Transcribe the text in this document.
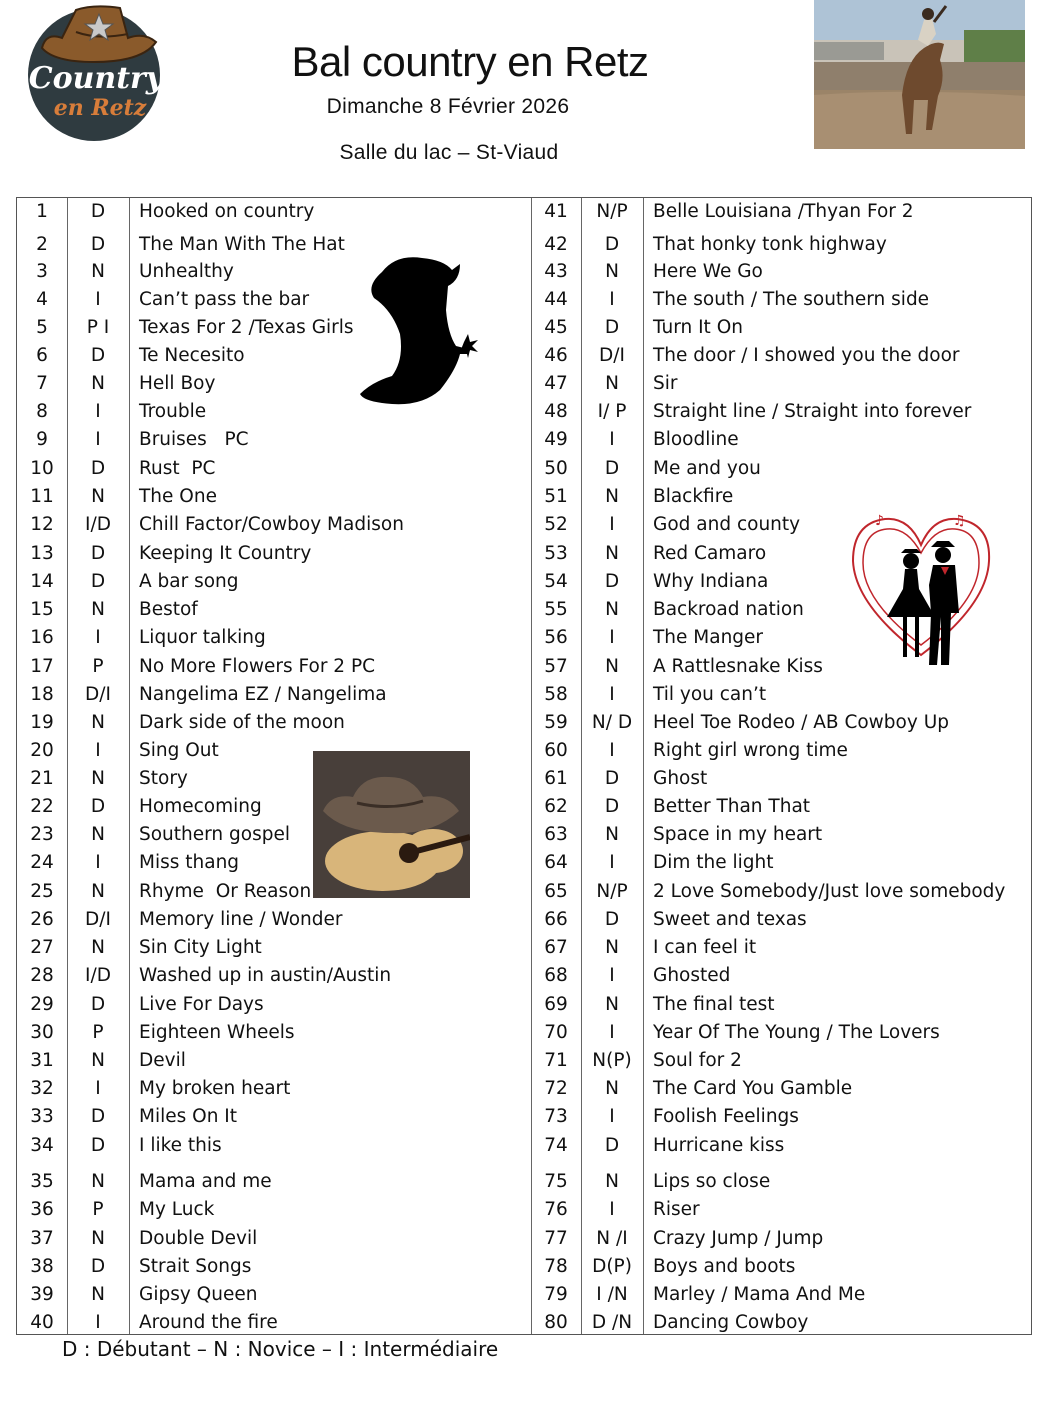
Country
en Retz
Bal country en Retz
Dimanche 8 Février 2026
Salle du lac – St-Viaud
1	D	Hooked on country
2	D	The Man With The Hat
3	N	Unhealthy
4	I	Can’t pass the bar
5	P I	Texas For 2 /Texas Girls
6	D	Te Necesito
7	N	Hell Boy
8	I	Trouble
9	I	Bruises   PC
10	D	Rust  PC
11	N	The One
12	I/D	Chill Factor/Cowboy Madison
13	D	Keeping It Country
14	D	A bar song
15	N	Bestof
16	I	Liquor talking
17	P	No More Flowers For 2 PC
18	D/I	Nangelima EZ / Nangelima
19	N	Dark side of the moon
20	I	Sing Out
21	N	Story
22	D	Homecoming
23	N	Southern gospel
24	I	Miss thang
25	N	Rhyme  Or Reason
26	D/I	Memory line / Wonder
27	N	Sin City Light
28	I/D	Washed up in austin/Austin
29	D	Live For Days
30	P	Eighteen Wheels
31	N	Devil
32	I	My broken heart
33	D	Miles On It
34	D	I like this
35	N	Mama and me
36	P	My Luck
37	N	Double Devil
38	D	Strait Songs
39	N	Gipsy Queen
40	I	Around the fire
41	N/P	Belle Louisiana /Thyan For 2
42	D	That honky tonk highway
43	N	Here We Go
44	I	The south / The southern side
45	D	Turn It On
46	D/I	The door / I showed you the door
47	N	Sir
48	I/ P	Straight line / Straight into forever
49	I	Bloodline
50	D	Me and you
51	N	Blackfire
52	I	God and county
53	N	Red Camaro
54	D	Why Indiana
55	N	Backroad nation
56	I	The Manger
57	N	A Rattlesnake Kiss
58	I	Til you can’t
59	N/ D	Heel Toe Rodeo / AB Cowboy Up
60	I	Right girl wrong time
61	D	Ghost
62	D	Better Than That
63	N	Space in my heart
64	I	Dim the light
65	N/P	2 Love Somebody/Just love somebody
66	D	Sweet and texas
67	N	I can feel it
68	I	Ghosted
69	N	The final test
70	I	Year Of The Young / The Lovers
71	N(P)	Soul for 2
72	N	The Card You Gamble
73	I	Foolish Feelings
74	D	Hurricane kiss
75	N	Lips so close
76	I	Riser
77	N /I	Crazy Jump / Jump
78	D(P)	Boys and boots
79	I /N	Marley / Mama And Me
80	D /N	Dancing Cowboy
♪	♫
D : Débutant – N : Novice – I : Intermédiaire
